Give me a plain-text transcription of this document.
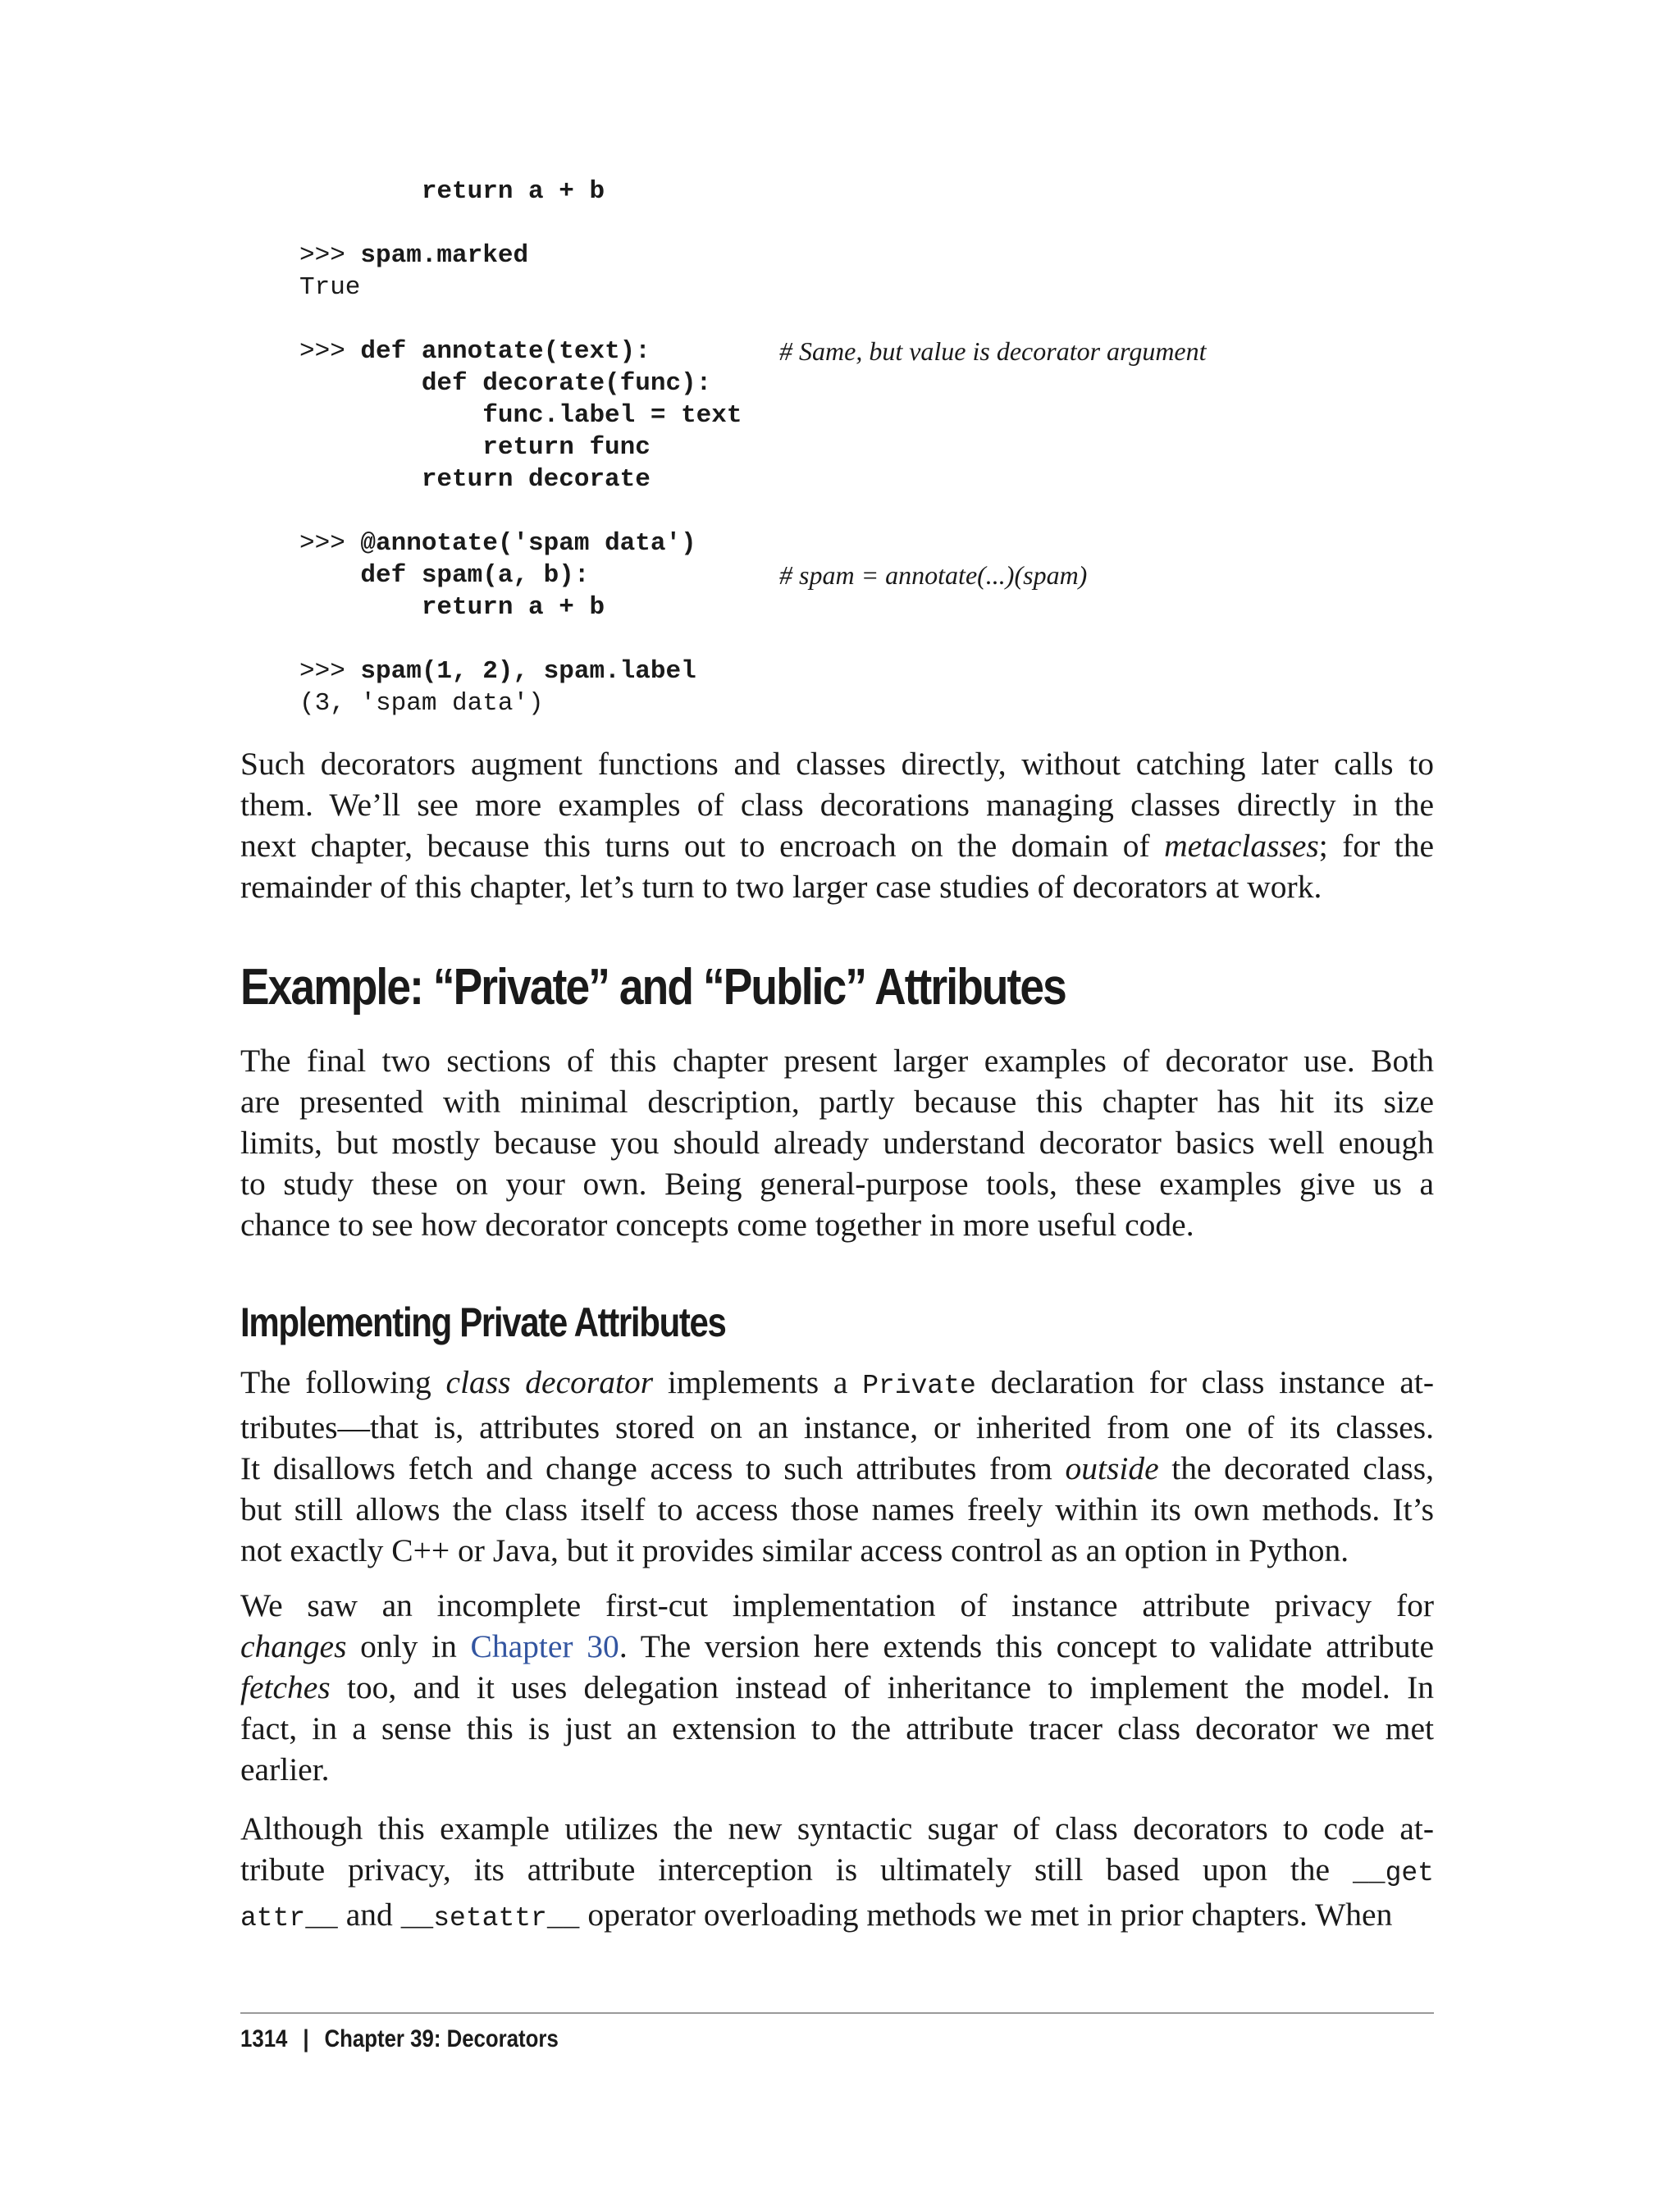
return a + b
>>> spam.marked
True
>>> def annotate(text):	# Same, but value is decorator argument
def decorate(func):
func.label = text
return func
return decorate
>>> @annotate('spam data')
def spam(a, b):	# spam = annotate(...)(spam)
return a + b
>>> spam(1, 2), spam.label
(3, 'spam data')
Such decorators augment functions and classes directly, without catching later calls to
them. We’ll see more examples of class decorations managing classes directly in the
next chapter, because this turns out to encroach on the domain of metaclasses; for the
remainder of this chapter, let’s turn to two larger case studies of decorators at work.
Example: “Private” and “Public” Attributes
The final two sections of this chapter present larger examples of decorator use. Both
are presented with minimal description, partly because this chapter has hit its size
limits, but mostly because you should already understand decorator basics well enough
to study these on your own. Being general-purpose tools, these examples give us a
chance to see how decorator concepts come together in more useful code.
Implementing Private Attributes
The following class decorator implements a Private declaration for class instance at-
tributes—that is, attributes stored on an instance, or inherited from one of its classes.
It disallows fetch and change access to such attributes from outside the decorated class,
but still allows the class itself to access those names freely within its own methods. It’s
not exactly C++ or Java, but it provides similar access control as an option in Python.
We saw an incomplete first-cut implementation of instance attribute privacy for
changes only in Chapter 30. The version here extends this concept to validate attribute
fetches too, and it uses delegation instead of inheritance to implement the model. In
fact, in a sense this is just an extension to the attribute tracer class decorator we met
earlier.
Although this example utilizes the new syntactic sugar of class decorators to code at-
tribute privacy, its attribute interception is ultimately still based upon the __get
attr__ and __setattr__ operator overloading methods we met in prior chapters. When
1314 | Chapter 39: Decorators
